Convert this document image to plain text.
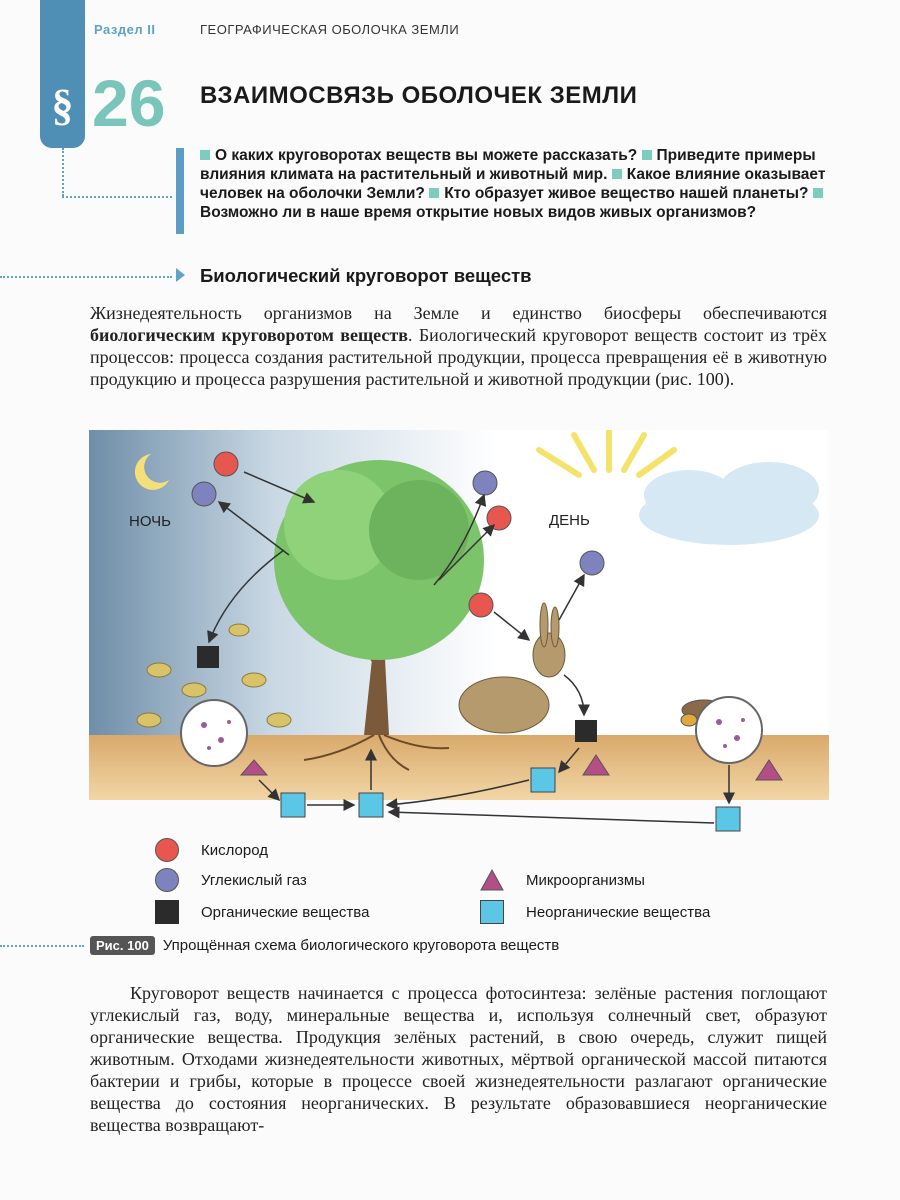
§
Раздел II	ГЕОГРАФИЧЕСКАЯ ОБОЛОЧКА ЗЕМЛИ
26 ВЗАИМОСВЯЗЬ ОБОЛОЧЕК ЗЕМЛИ
О каких круговоротах веществ вы можете рассказать? Приведите примеры влияния климата на растительный и животный мир. Какое влияние оказывает человек на оболочки Земли? Кто образует живое вещество нашей планеты? Возможно ли в наше время открытие новых видов живых организмов?
Биологический круговорот веществ

Жизнедеятельность организмов на Земле и единство биосферы обеспечиваются биологическим круговоротом веществ. Биологический круговорот веществ состоит из трёх процессов: процесса создания растительной продукции, процесса превращения её в животную продукцию и процесса разрушения растительной и животной продукции (рис. 100).

НОЧЬ	ДЕНЬ
Кислород
Углекислый газ
Органические вещества
Микроорганизмы
Неорганические вещества
Рис. 100 Упрощённая схема биологического круговорота веществ

Круговорот веществ начинается с процесса фотосинтеза: зелёные растения поглощают углекислый газ, воду, минеральные вещества и, используя солнечный свет, образуют органические вещества. Продукция зелёных растений, в свою очередь, служит пищей животным. Отходами жизнедеятельности животных, мёртвой органической массой питаются бактерии и грибы, которые в процессе своей жизнедеятельности разлагают органические вещества до состояния неорганических. В результате образовавшиеся неорганические вещества возвращают-
